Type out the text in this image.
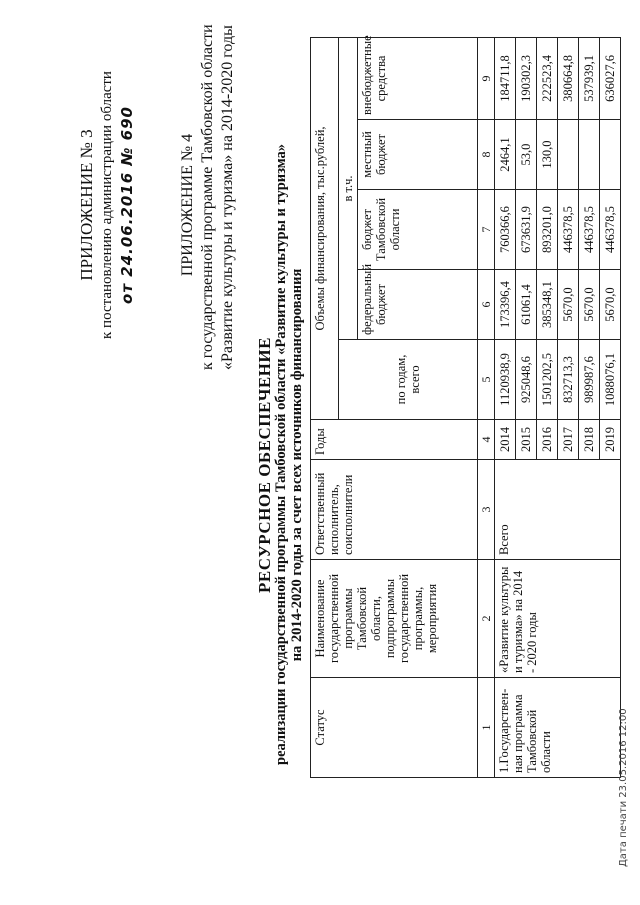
ПРИЛОЖЕНИЕ № 3 к постановлению администрации области от 24.06.2016 № 690	ПРИЛОЖЕНИЕ № 4 к государственной программе Тамбовской области «Развитие культуры и туризма» на 2014-2020 годы
РЕСУРСНОЕ ОБЕСПЕЧЕНИЕ реализации государственной программы Тамбовской области «Развитие культуры и туризма» на 2014-2020 годы за счет всех источников финансирования
Статус	Наименование государственной программы Тамбовской области, подпрограммы государственной программы, мероприятия	Ответственный исполнитель, соисполнители	Годы	Объемы финансирования, тыс.рублей,				
				по годам, всего	в т.ч.			
					федеральный бюджет	бюджет Тамбовской области	местный бюджет	внебюджетные средства
1	2	3	4	5	6	7	8	9
1.Государствен-ная программа Тамбовской области	«Развитие культуры и туризма» на 2014 - 2020 годы	Всего	2014	1120938,9	173396,4	760366,6	2464,1	184711,8
			2015	925048,6	61061,4	673631,9	53,0	190302,3
			2016	1501202,5	385348,1	893201,0	130,0	222523,4
			2017	832713,3	5670,0	446378,5		380664,8
			2018	989987,6	5670,0	446378,5		537939,1
			2019	1088076,1	5670,0	446378,5		636027,6
Дата печати 23.05.2016 12:00
